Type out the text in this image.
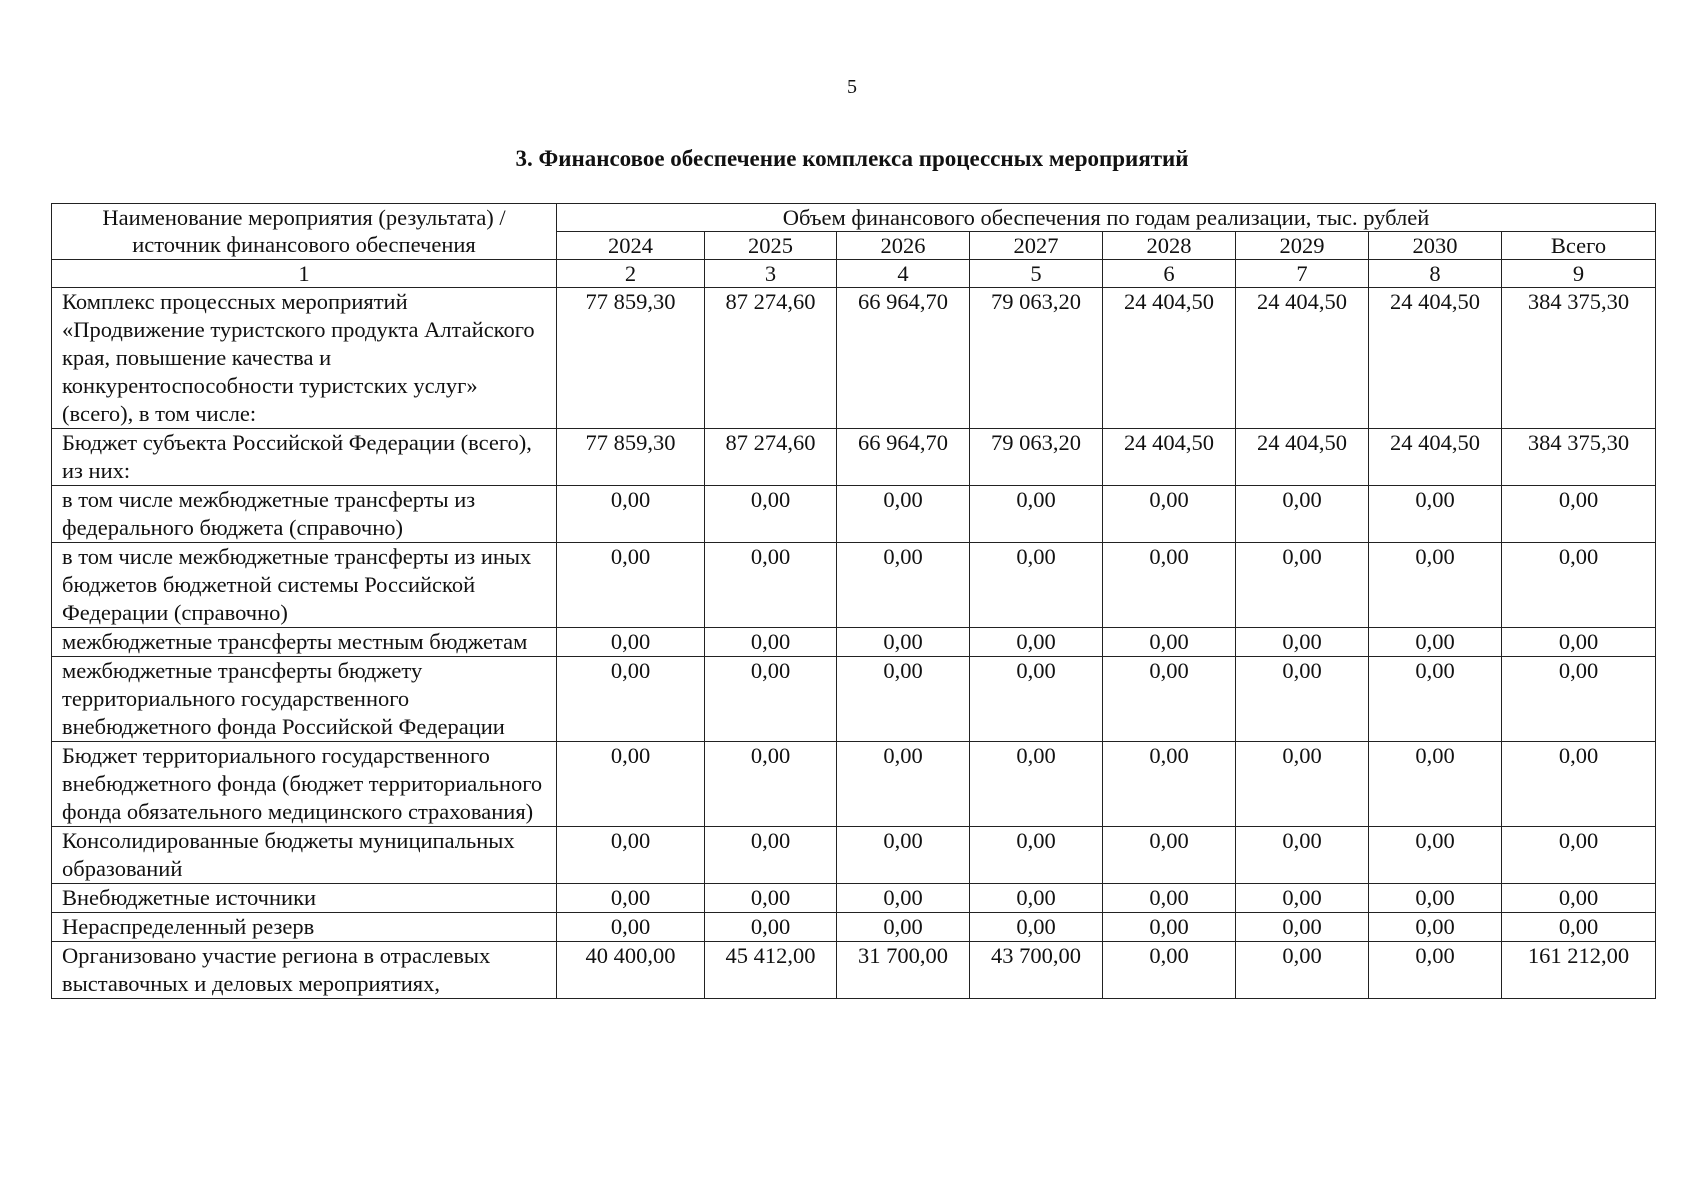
5
3. Финансовое обеспечение комплекса процессных мероприятий
Наименование мероприятия (результата) / источник финансового обеспечения	Объем финансового обеспечения по годам реализации, тыс. рублей							
	2024	2025	2026	2027	2028	2029	2030	Всего
1	2	3	4	5	6	7	8	9
Комплекс процессных мероприятий «Продвижение туристского продукта Алтайского края, повышение качества и конкурентоспособности туристских услуг» (всего), в том числе:	77 859,30	87 274,60	66 964,70	79 063,20	24 404,50	24 404,50	24 404,50	384 375,30
Бюджет субъекта Российской Федерации (всего), из них:	77 859,30	87 274,60	66 964,70	79 063,20	24 404,50	24 404,50	24 404,50	384 375,30
в том числе межбюджетные трансферты из федерального бюджета (справочно)	0,00	0,00	0,00	0,00	0,00	0,00	0,00	0,00
в том числе межбюджетные трансферты из иных бюджетов бюджетной системы Российской Федерации (справочно)	0,00	0,00	0,00	0,00	0,00	0,00	0,00	0,00
межбюджетные трансферты местным бюджетам	0,00	0,00	0,00	0,00	0,00	0,00	0,00	0,00
межбюджетные трансферты бюджету территориального государственного внебюджетного фонда Российской Федерации	0,00	0,00	0,00	0,00	0,00	0,00	0,00	0,00
Бюджет территориального государственного внебюджетного фонда (бюджет территориального фонда обязательного медицинского страхования)	0,00	0,00	0,00	0,00	0,00	0,00	0,00	0,00
Консолидированные бюджеты муниципальных образований	0,00	0,00	0,00	0,00	0,00	0,00	0,00	0,00
Внебюджетные источники	0,00	0,00	0,00	0,00	0,00	0,00	0,00	0,00
Нераспределенный резерв	0,00	0,00	0,00	0,00	0,00	0,00	0,00	0,00
Организовано участие региона в отраслевых выставочных и деловых мероприятиях,	40 400,00	45 412,00	31 700,00	43 700,00	0,00	0,00	0,00	161 212,00
